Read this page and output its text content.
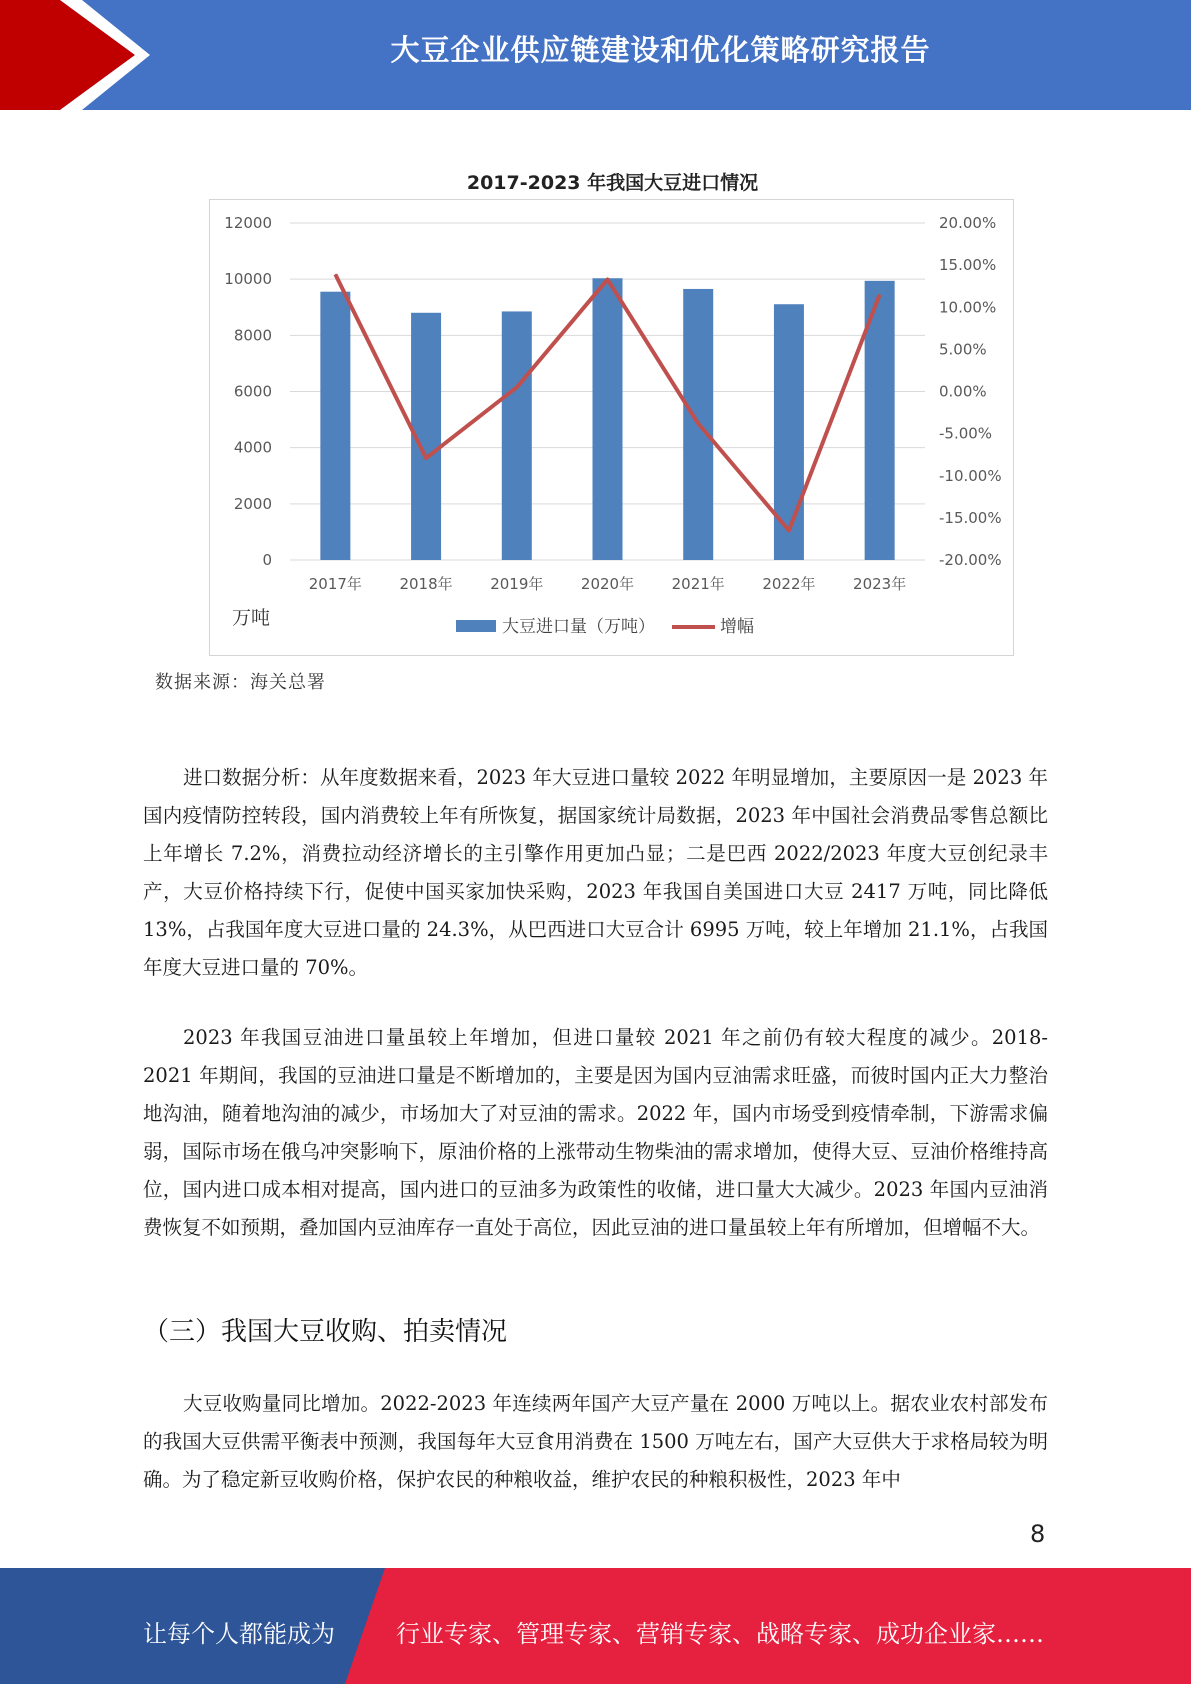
大豆企业供应链建设和优化策略研究报告
2017-2023 年我国大豆进口情况
0
2000
4000
6000
8000
10000
12000
-20.00%
-15.00%
-10.00%
-5.00%
0.00%
5.00%
10.00%
15.00%
20.00%
2017年	2018年	2019年	2020年	2021年	2022年	2023年
万吨	大豆进口量（万吨）	增幅
数据来源：海关总署

进口数据分析：从年度数据来看，2023 年大豆进口量较 2022 年明显增加，主要原因一是 2023 年国内疫情防控转段，国内消费较上年有所恢复，据国家统计局数据，2023 年中国社会消费品零售总额比上年增长 7.2%，消费拉动经济增长的主引擎作用更加凸显；二是巴西 2022/2023 年度大豆创纪录丰产，大豆价格持续下行，促使中国买家加快采购，2023 年我国自美国进口大豆 2417 万吨，同比降低 13%，占我国年度大豆进口量的 24.3%，从巴西进口大豆合计 6995 万吨，较上年增加 21.1%，占我国年度大豆进口量的 70%。

2023 年我国豆油进口量虽较上年增加，但进口量较 2021 年之前仍有较大程度的减少。2018-2021 年期间，我国的豆油进口量是不断增加的，主要是因为国内豆油需求旺盛，而彼时国内正大力整治地沟油，随着地沟油的减少，市场加大了对豆油的需求。2022 年，国内市场受到疫情牵制，下游需求偏弱，国际市场在俄乌冲突影响下，原油价格的上涨带动生物柴油的需求增加，使得大豆、豆油价格维持高位，国内进口成本相对提高，国内进口的豆油多为政策性的收储，进口量大大减少。2023 年国内豆油消费恢复不如预期，叠加国内豆油库存一直处于高位，因此豆油的进口量虽较上年有所增加，但增幅不大。

（三）我国大豆收购、拍卖情况

大豆收购量同比增加。2022-2023 年连续两年国产大豆产量在 2000 万吨以上。据农业农村部发布的我国大豆供需平衡表中预测，我国每年大豆食用消费在 1500 万吨左右，国产大豆供大于求格局较为明确。为了稳定新豆收购价格，保护农民的种粮收益，维护农民的种粮积极性，2023 年中

8
让每个人都能成为	行业专家、管理专家、营销专家、战略专家、成功企业家……
